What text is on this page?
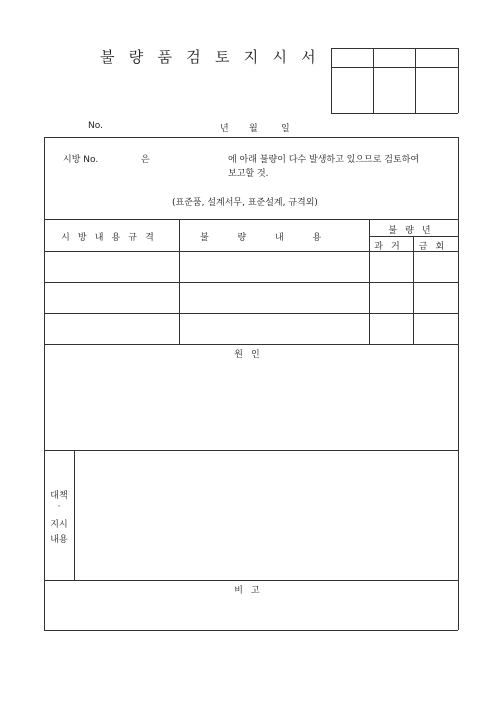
불량품검토지시서
No.	년 월	일
시방 No.	은	에 아래 불량이 다수 발생하고 있으므로 검토하여
보고할 것.
(표준품, 설계서무, 표준설계, 규격외)
시방내용규격	불량내용
불량년
과거	금회
원인
대책
·
지시
내용
비고
